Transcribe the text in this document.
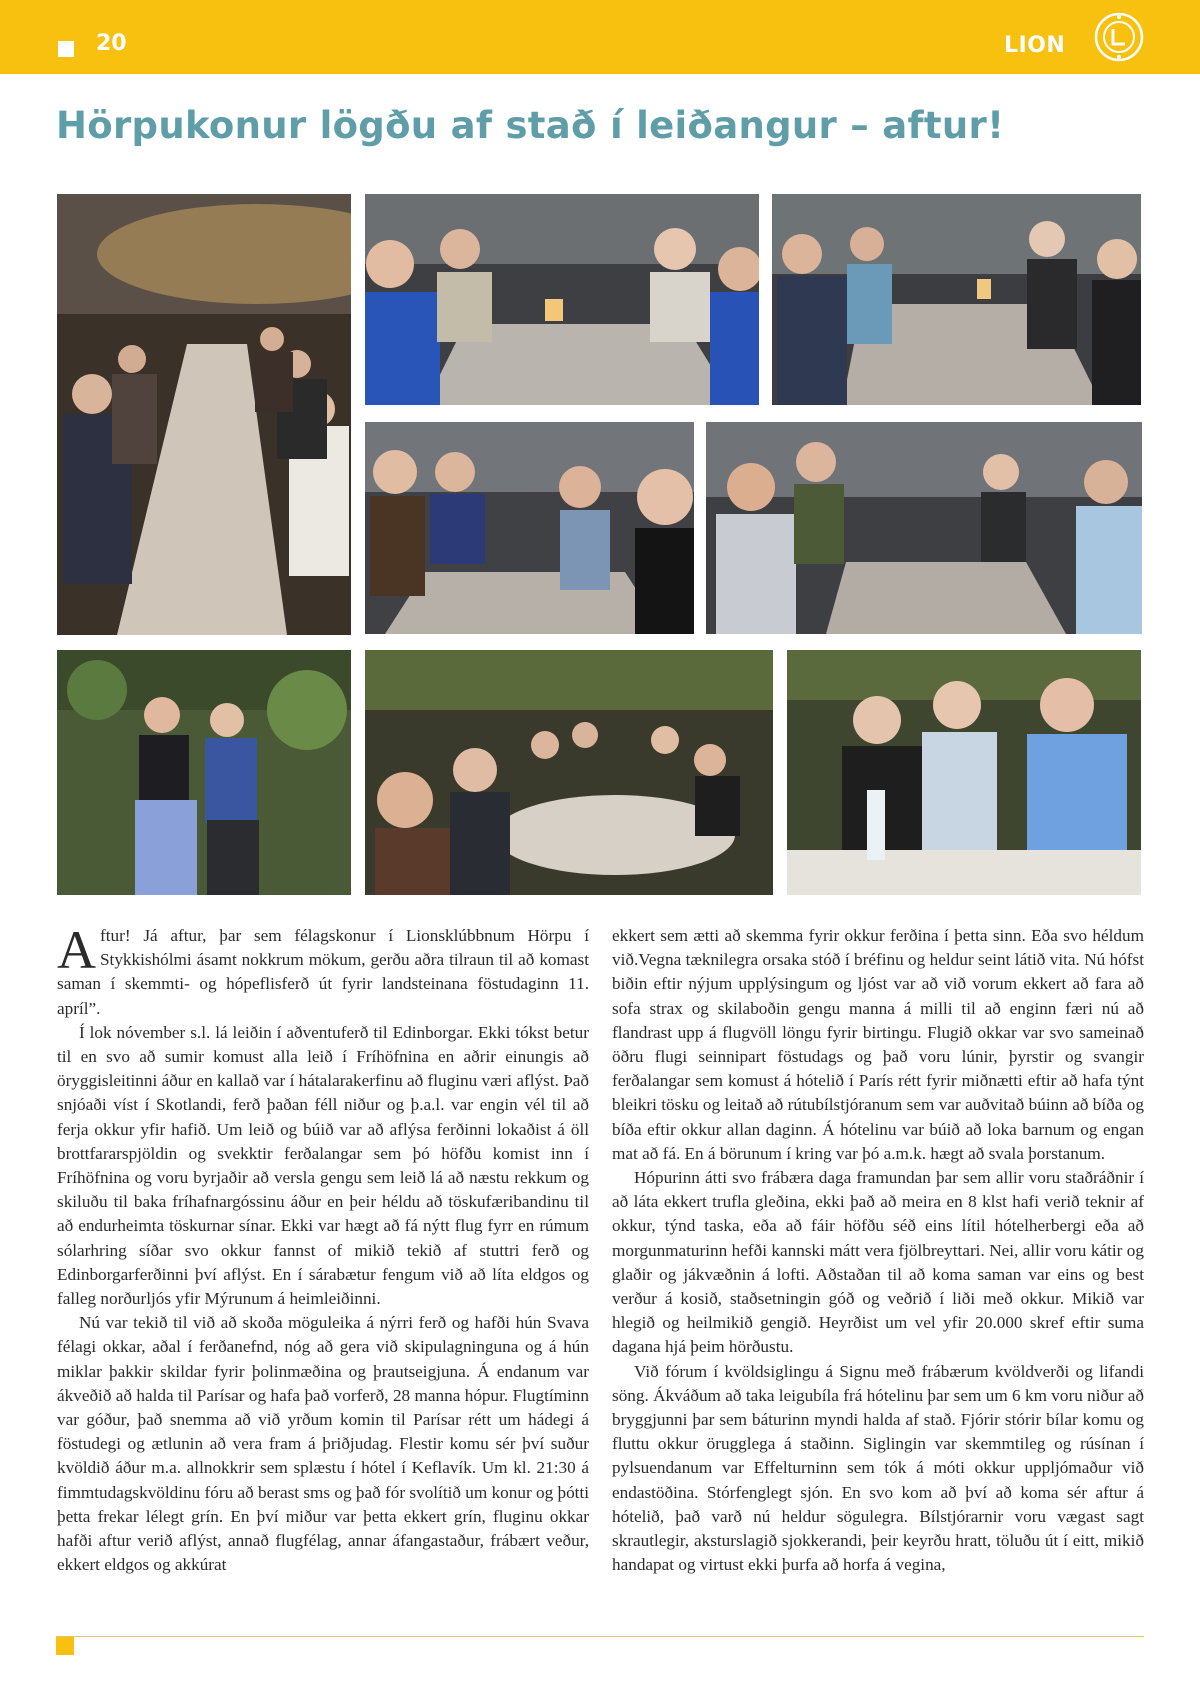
20	LION
Hörpukonur lögðu af stað í leiðangur – aftur!

Aftur! Já aftur, þar sem félagskonur í Lionsklúbbnum Hörpu í Stykkishólmi ásamt nokkrum mökum, gerðu aðra tilraun til að komast saman í skemmti- og hópeflisferð út fyrir landsteinana föstudaginn 11. apríl”.

Í lok nóvember s.l. lá leiðin í aðventuferð til Edinborgar. Ekki tókst betur til en svo að sumir komust alla leið í Fríhöfnina en aðrir einungis að öryggisleitinni áður en kallað var í hátalarakerfinu að fluginu væri aflýst. Það snjóaði víst í Skotlandi, ferð þaðan féll niður og þ.a.l. var engin vél til að ferja okkur yfir hafið. Um leið og búið var að aflýsa ferðinni lokaðist á öll brottfararspjöldin og svekktir ferðalangar sem þó höfðu komist inn í Fríhöfnina og voru byrjaðir að versla gengu sem leið lá að næstu rekkum og skiluðu til baka fríhafnargóssinu áður en þeir héldu að töskufæribandinu til að endurheimta töskurnar sínar. Ekki var hægt að fá nýtt flug fyrr en rúmum sólarhring síðar svo okkur fannst of mikið tekið af stuttri ferð og Edinborgarferðinni því aflýst. En í sárabætur fengum við að líta eldgos og falleg norðurljós yfir Mýrunum á heimleiðinni.

Nú var tekið til við að skoða möguleika á nýrri ferð og hafði hún Svava félagi okkar, aðal í ferðanefnd, nóg að gera við skipulagninguna og á hún miklar þakkir skildar fyrir þolinmæðina og þrautseigjuna. Á endanum var ákveðið að halda til Parísar og hafa það vorferð, 28 manna hópur. Flugtíminn var góður, það snemma að við yrðum komin til Parísar rétt um hádegi á föstudegi og ætlunin að vera fram á þriðjudag. Flestir komu sér því suður kvöldið áður m.a. allnokkrir sem splæstu í hótel í Keflavík. Um kl. 21:30 á fimmtudagskvöldinu fóru að berast sms og það fór svolítið um konur og þótti þetta frekar lélegt grín. En því miður var þetta ekkert grín, fluginu okkar hafði aftur verið aflýst, annað flugfélag, annar áfangastaður, frábært veður, ekkert eldgos og akkúrat

ekkert sem ætti að skemma fyrir okkur ferðina í þetta sinn. Eða svo héldum við.Vegna tæknilegra orsaka stóð í bréfinu og heldur seint látið vita. Nú hófst biðin eftir nýjum upplýsingum og ljóst var að við vorum ekkert að fara að sofa strax og skilaboðin gengu manna á milli til að enginn færi nú að flandrast upp á flugvöll löngu fyrir birtingu. Flugið okkar var svo sameinað öðru flugi seinnipart föstudags og það voru lúnir, þyrstir og svangir ferðalangar sem komust á hótelið í París rétt fyrir miðnætti eftir að hafa týnt bleikri tösku og leitað að rútubílstjóranum sem var auðvitað búinn að bíða og bíða eftir okkur allan daginn. Á hótelinu var búið að loka barnum og engan mat að fá. En á börunum í kring var þó a.m.k. hægt að svala þorstanum.

Hópurinn átti svo frábæra daga framundan þar sem allir voru staðráðnir í að láta ekkert trufla gleðina, ekki það að meira en 8 klst hafi verið teknir af okkur, týnd taska, eða að fáir höfðu séð eins lítil hótelherbergi eða að morgunmaturinn hefði kannski mátt vera fjölbreyttari. Nei, allir voru kátir og glaðir og jákvæðnin á lofti. Aðstaðan til að koma saman var eins og best verður á kosið, staðsetningin góð og veðrið í liði með okkur. Mikið var hlegið og heilmikið gengið. Heyrðist um vel yfir 20.000 skref eftir suma dagana hjá þeim hörðustu.

Við fórum í kvöldsiglingu á Signu með frábærum kvöldverði og lifandi söng. Ákváðum að taka leigubíla frá hótelinu þar sem um 6 km voru niður að bryggjunni þar sem báturinn myndi halda af stað. Fjórir stórir bílar komu og fluttu okkur örugglega á staðinn. Siglingin var skemmtileg og rúsínan í pylsuendanum var Effelturninn sem tók á móti okkur uppljómaður við endastöðina. Stórfenglegt sjón. En svo kom að því að koma sér aftur á hótelið, það varð nú heldur sögulegra. Bílstjórarnir voru vægast sagt skrautlegir, aksturslagið sjokkerandi, þeir keyrðu hratt, töluðu út í eitt, mikið handapat og virtust ekki þurfa að horfa á vegina,
